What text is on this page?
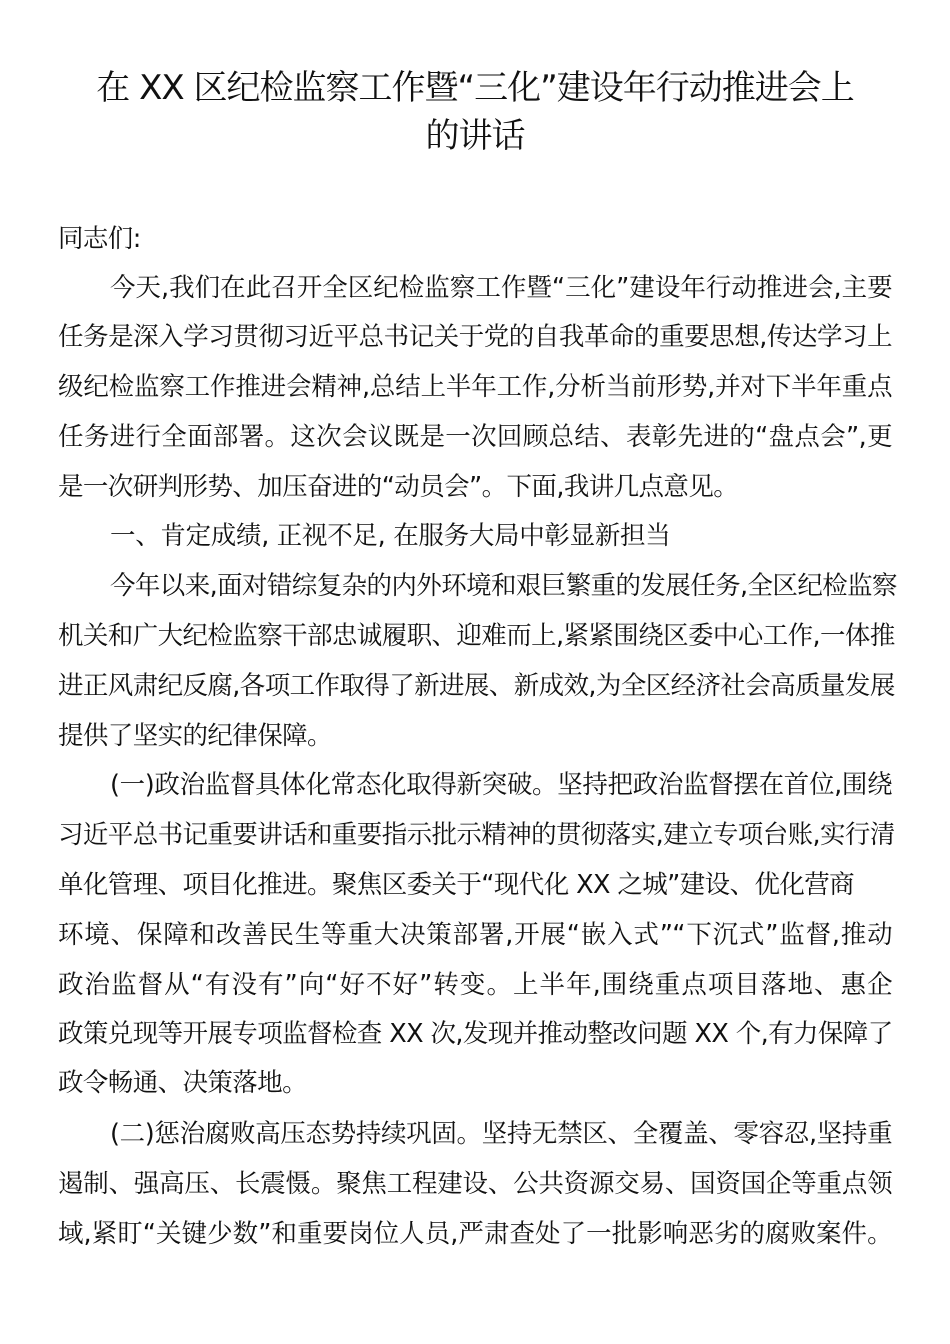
在 XX 区纪检监察工作暨“三化”建设年行动推进会上
的讲话
同志们:
今天,我们在此召开全区纪检监察工作暨“三化”建设年行动推进会,主要
任务是深入学习贯彻习近平总书记关于党的自我革命的重要思想,传达学习上
级纪检监察工作推进会精神,总结上半年工作,分析当前形势,并对下半年重点
任务进行全面部署。这次会议既是一次回顾总结、表彰先进的“盘点会”,更
是一次研判形势、加压奋进的“动员会”。下面,我讲几点意见。
一、肯定成绩, 正视不足, 在服务大局中彰显新担当
今年以来,面对错综复杂的内外环境和艰巨繁重的发展任务,全区纪检监察
机关和广大纪检监察干部忠诚履职、迎难而上,紧紧围绕区委中心工作,一体推
进正风肃纪反腐,各项工作取得了新进展、新成效,为全区经济社会高质量发展
提供了坚实的纪律保障。
(一)政治监督具体化常态化取得新突破。坚持把政治监督摆在首位,围绕
习近平总书记重要讲话和重要指示批示精神的贯彻落实,建立专项台账,实行清
单化管理、项目化推进。聚焦区委关于“现代化 XX 之城”建设、优化营商
环境、保障和改善民生等重大决策部署,开展“嵌入式”“下沉式”监督,推动
政治监督从“有没有”向“好不好”转变。上半年,围绕重点项目落地、惠企
政策兑现等开展专项监督检查 XX 次,发现并推动整改问题 XX 个,有力保障了
政令畅通、决策落地。
(二)惩治腐败高压态势持续巩固。坚持无禁区、全覆盖、零容忍,坚持重
遏制、强高压、长震慑。聚焦工程建设、公共资源交易、国资国企等重点领
域,紧盯“关键少数”和重要岗位人员,严肃查处了一批影响恶劣的腐败案件。
